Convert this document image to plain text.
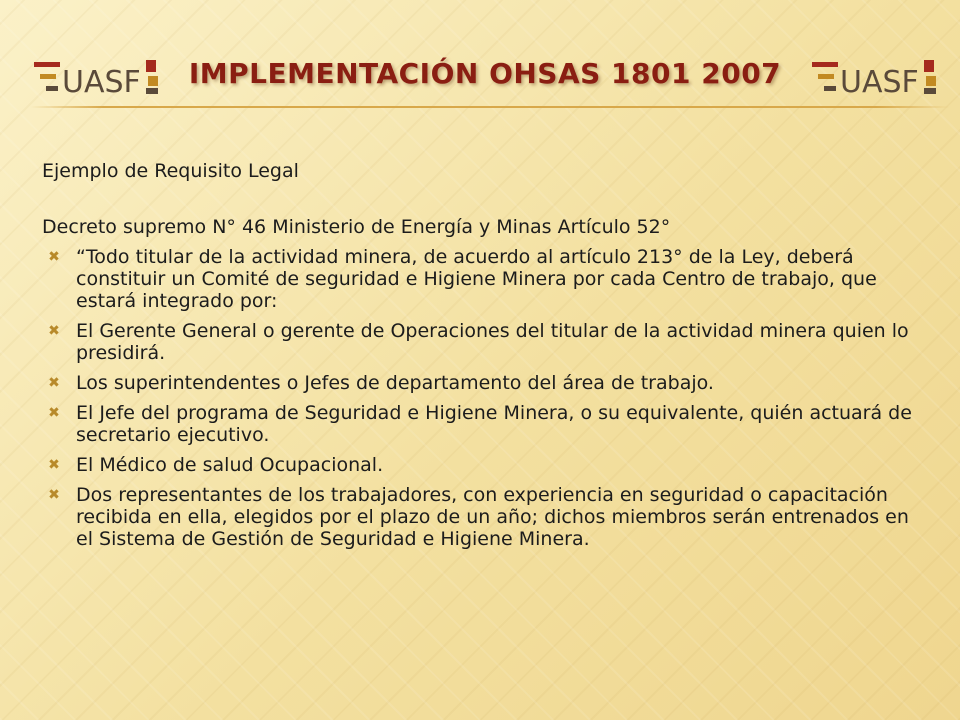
UASF IMPLEMENTACIÓN OHSAS 1801 2007 UASF
Ejemplo de Requisito Legal
Decreto supremo N° 46 Ministerio de Energía y Minas Artículo 52°
✖ “Todo titular de la actividad minera, de acuerdo al artículo 213° de la Ley, deberá constituir un Comité de seguridad e Higiene Minera por cada Centro de trabajo, que estará integrado por:
✖ El Gerente General o gerente de Operaciones del titular de la actividad minera quien lo presidirá.
✖ Los superintendentes o Jefes de departamento del área de trabajo.
✖ El Jefe del programa de Seguridad e Higiene Minera, o su equivalente, quién actuará de secretario ejecutivo.
✖ El Médico de salud Ocupacional.
✖ Dos representantes de los trabajadores, con experiencia en seguridad o capacitación recibida en ella, elegidos por el plazo de un año; dichos miembros serán entrenados en el Sistema de Gestión de Seguridad e Higiene Minera.
